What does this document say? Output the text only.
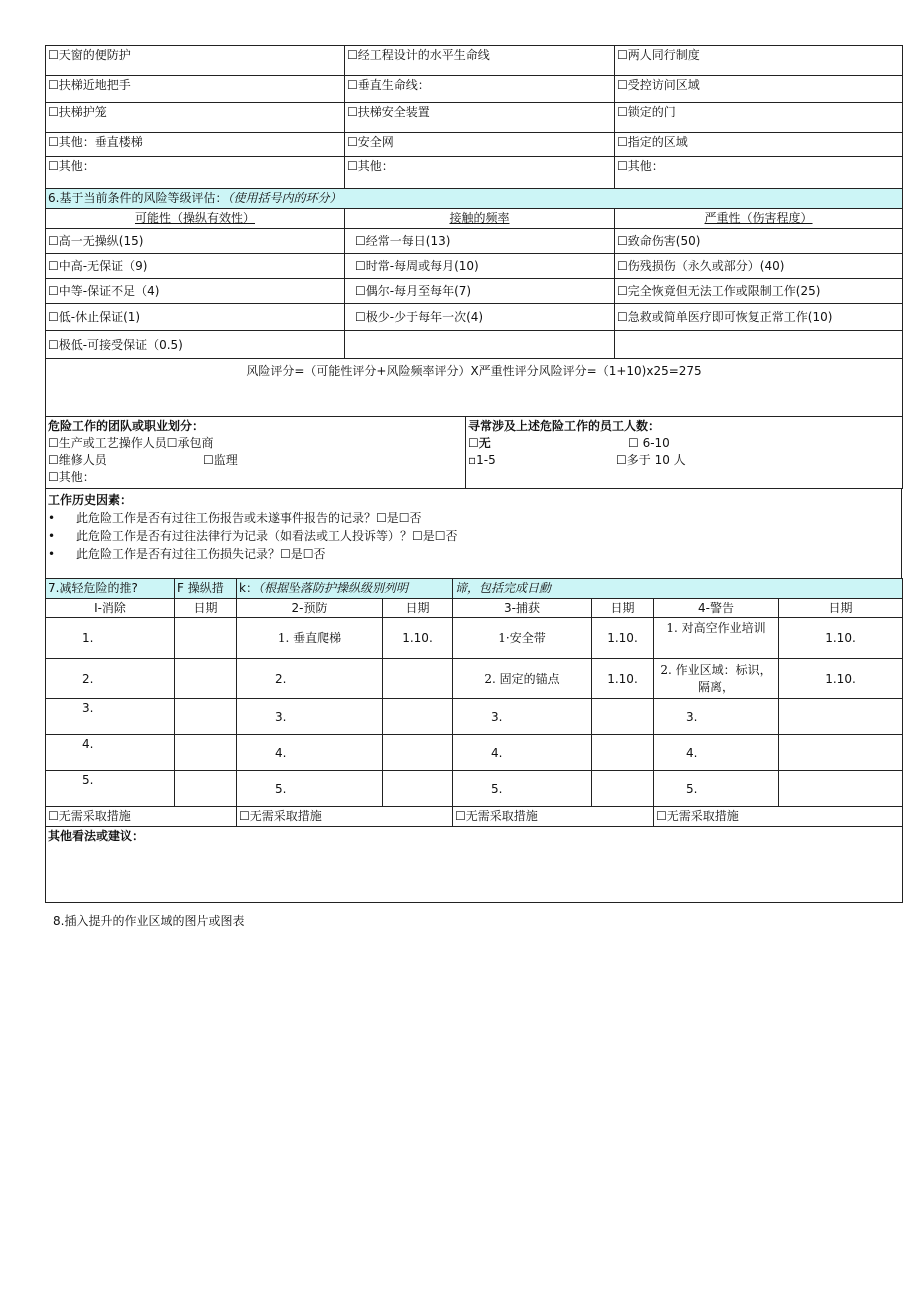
☐天窗的便防护	☐经工程设计的水平生命线	☐两人同行制度
☐扶梯近地把手	☐垂直生命线：	☐受控访问区域
☐扶梯护笼	☐扶梯安全装置	☐锁定的门
☐其他：垂直楼梯	☐安全网	☐指定的区域
☐其他：	☐其他：	☐其他：
6.基于当前条件的风险等级评估：（使用括号内的环分）		
可能性（操纵有效性）	接触的频率	严重性（伤害程度）
☐高一无操纵(15)	☐经常一每日(13)	☐致命伤害(50)
☐中高-无保证（9)	☐时常-每周或每月(10)	☐伤残损伤（永久或部分）(40)
☐中等-保证不足（4)	☐偶尔-每月至每年(7)	☐完全恢竟但无法工作或限制工作(25)
☐低-休止保证(1)	☐极少-少于每年一次(4)	☐急救或简单医疗即可恢复正常工作(10)
☐极低-可接受保证（0.5)		
风险评分=（可能性评分+风险频率评分）X严重性评分风险评分=（1+10)x25=275		
危险工作的团队或职业划分：
☐生产或工艺操作人员☐承包商
☐维修人员	☐监理
☐其他：

寻常涉及上述危险工作的员工人数：
☐无	☐ 6-10
▫1-5	☐多于 10 人
工作历史因素：
• 此危险工作是否有过往工伤报告或未遂事件报告的记录？☐是☐否
• 此危险工作是否有过往法律行为记录（如看法或工人投诉等）？☐是☐否
• 此危险工作是否有过往工伤损失记录？☐是☐否
7.减轻危险的推?	F 操纵措	k：（根据坠落防护操纵级别列明		谛，包括完成日勳			
I-消除	日期	2-预防	日期	3-捕获	日期	4-警告	日期
1.		1. 垂直爬梯	1.10.	1·安全带	1.10.	1. 对高空作业培训	1.10.
2.		2.		2. 固定的锚点	1.10.	2. 作业区域：标识，隔离，	1.10.
3.		3.		3.		3.	
4.		4.		4.		4.	
5.		5.		5.		5.	
☐无需采取措施		☐无需采取措施		☐无需采取措施		☐无需采取措施	
其他看法或建议：							
8.插入提升的作业区域的图片或图表
